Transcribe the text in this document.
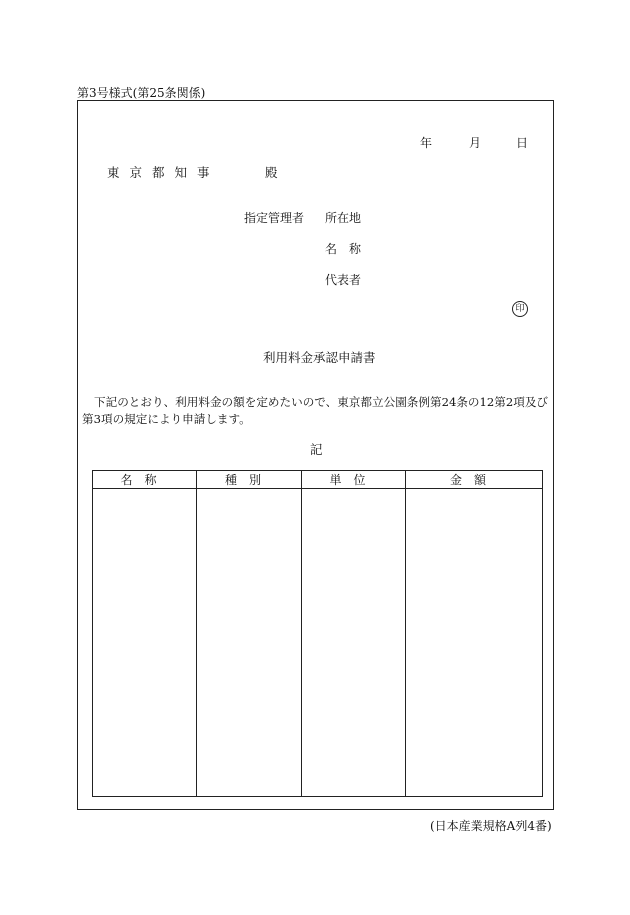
第3号様式(第25条関係)
年	月	日
東京都知事	殿
指定管理者 所在地
名　称
代表者
印
利用料金承認申請書
下記のとおり、利用料金の額を定めたいので、東京都立公園条例第24条の12第2項及び第3項の規定により申請します。
記
名称	種別	単位	金額

(日本産業規格A列4番)
